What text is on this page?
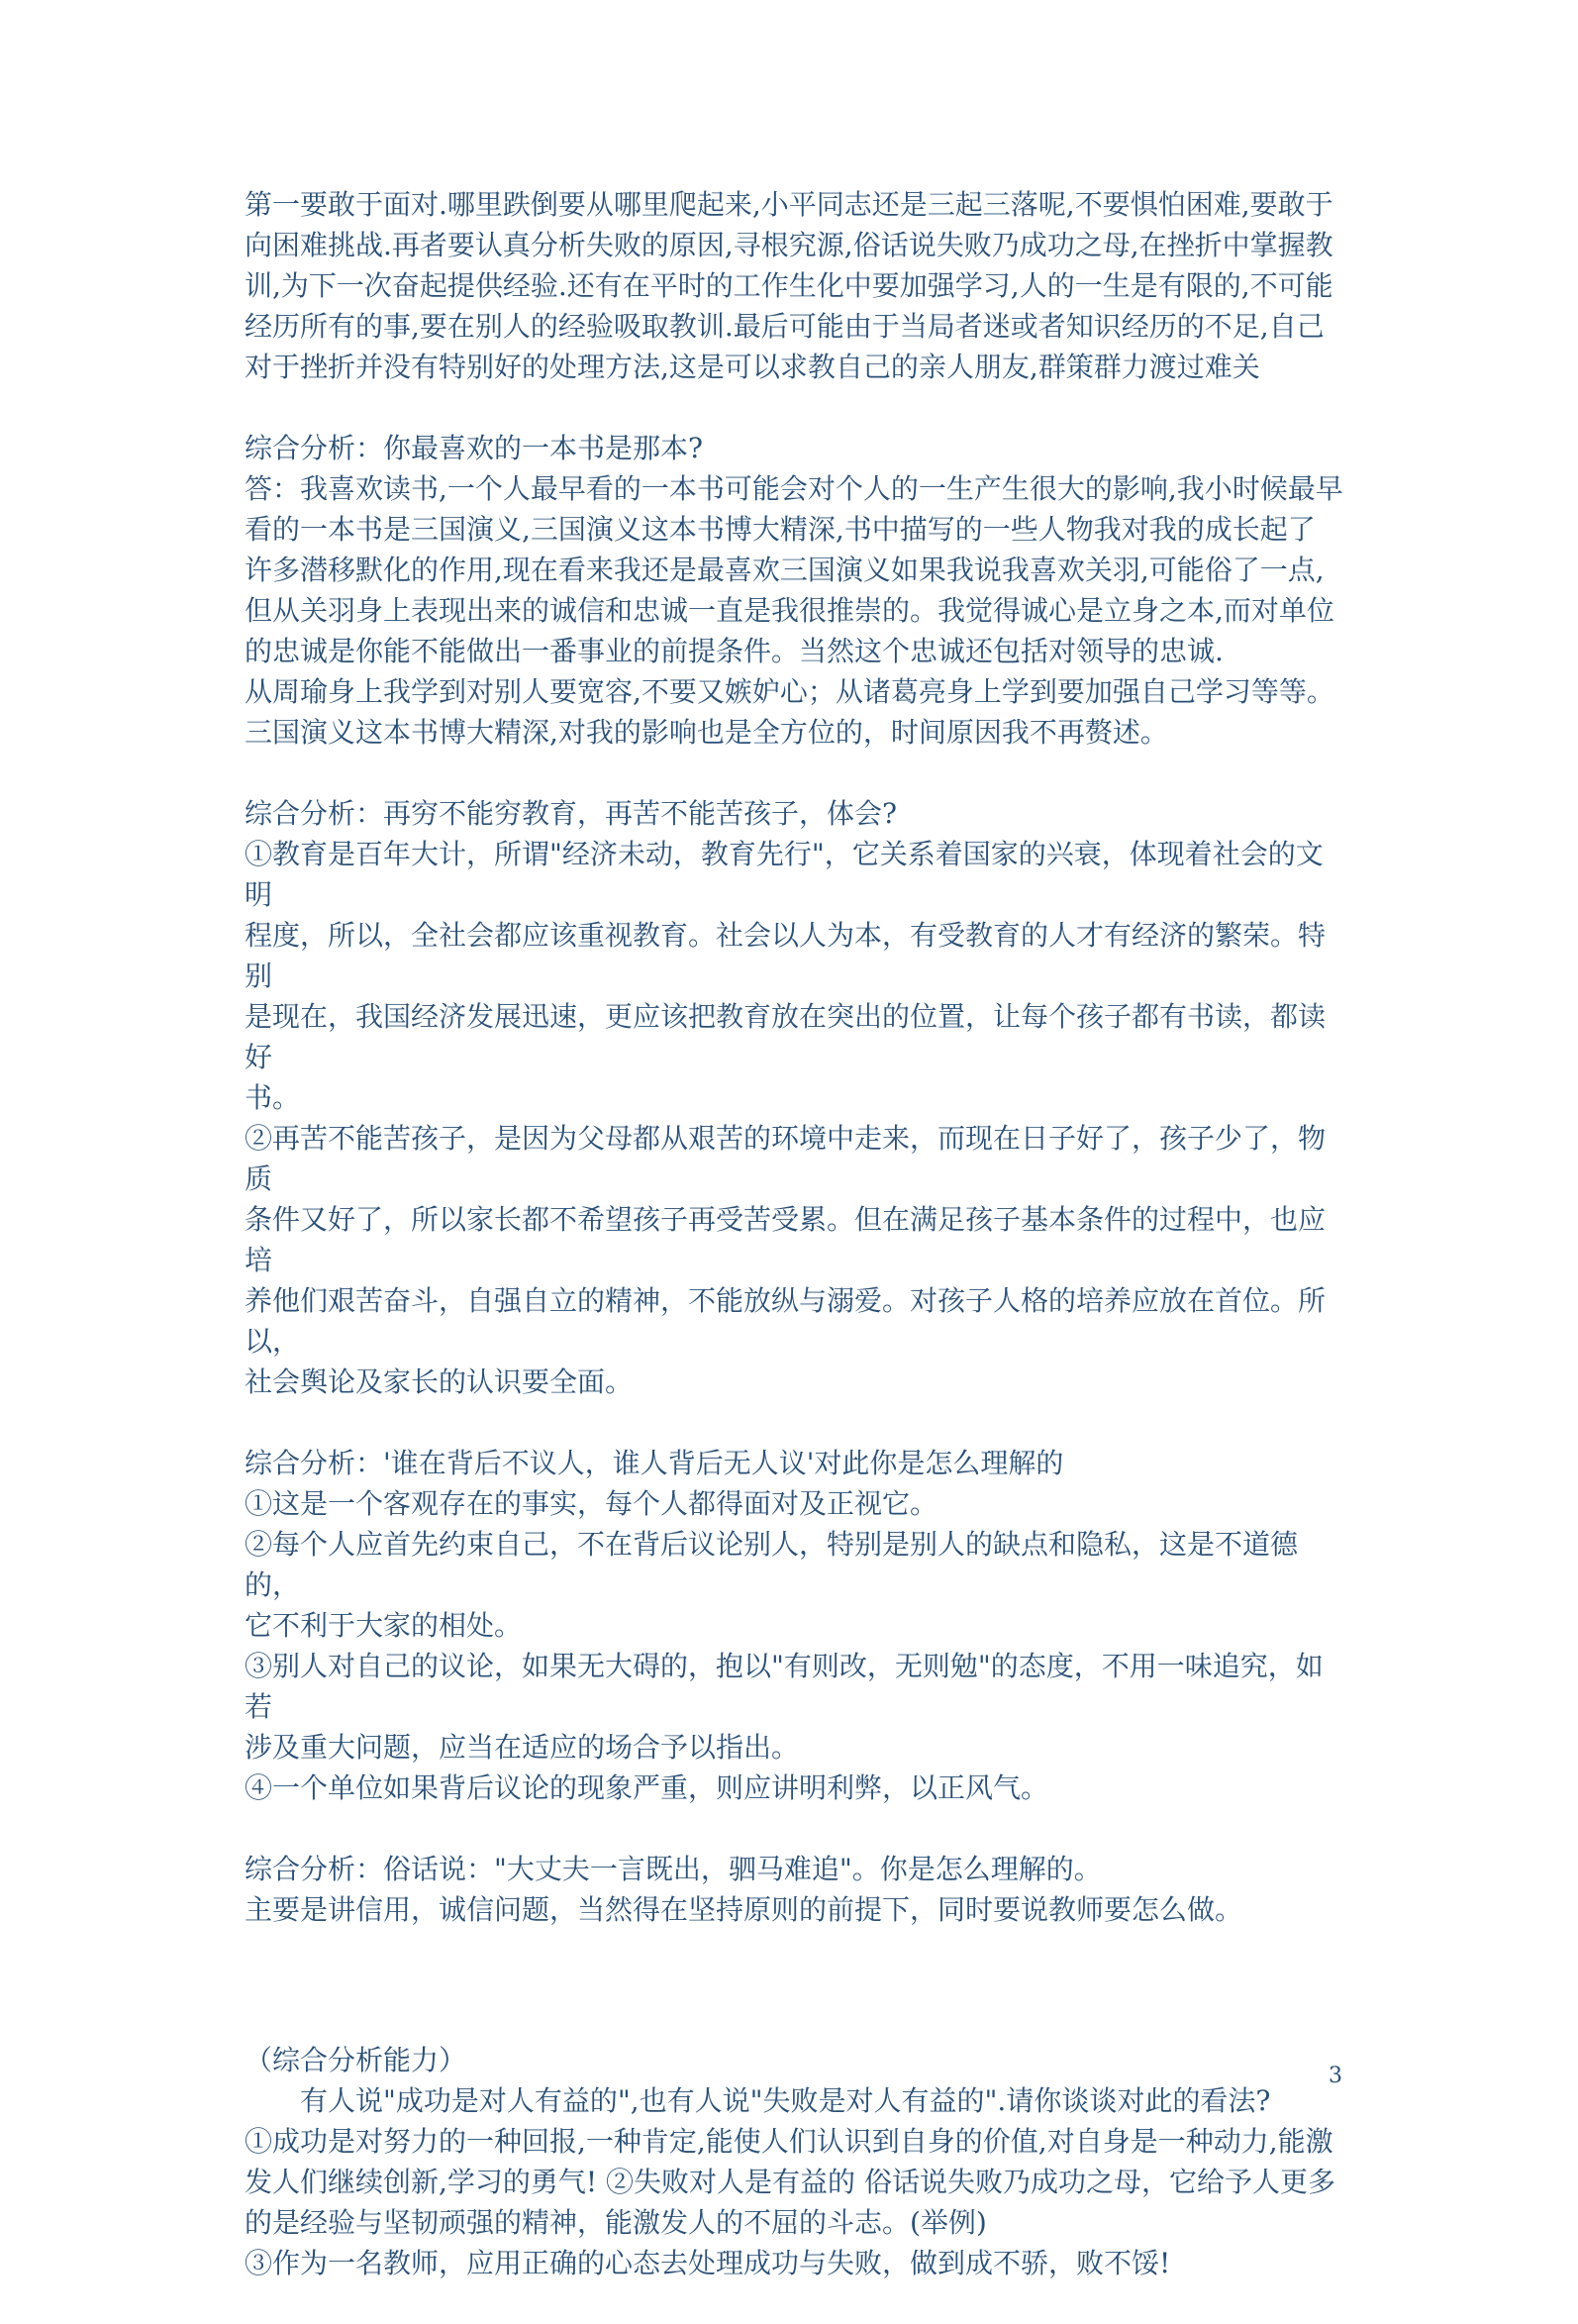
第一要敢于面对.哪里跌倒要从哪里爬起来,小平同志还是三起三落呢,不要惧怕困难,要敢于
向困难挑战.再者要认真分析失败的原因,寻根究源,俗话说失败乃成功之母,在挫折中掌握教
训,为下一次奋起提供经验.还有在平时的工作生化中要加强学习,人的一生是有限的,不可能
经历所有的事,要在别人的经验吸取教训.最后可能由于当局者迷或者知识经历的不足,自己
对于挫折并没有特别好的处理方法,这是可以求教自己的亲人朋友,群策群力渡过难关
综合分析：你最喜欢的一本书是那本?
答：我喜欢读书,一个人最早看的一本书可能会对个人的一生产生很大的影响,我小时候最早
看的一本书是三国演义,三国演义这本书博大精深,书中描写的一些人物我对我的成长起了
许多潜移默化的作用,现在看来我还是最喜欢三国演义如果我说我喜欢关羽,可能俗了一点,
但从关羽身上表现出来的诚信和忠诚一直是我很推崇的。我觉得诚心是立身之本,而对单位
的忠诚是你能不能做出一番事业的前提条件。当然这个忠诚还包括对领导的忠诚.
从周瑜身上我学到对别人要宽容,不要又嫉妒心；从诸葛亮身上学到要加强自己学习等等。
三国演义这本书博大精深,对我的影响也是全方位的，时间原因我不再赘述。
综合分析：再穷不能穷教育，再苦不能苦孩子，体会?
①教育是百年大计，所谓"经济未动，教育先行"，它关系着国家的兴衰，体现着社会的文明
程度，所以，全社会都应该重视教育。社会以人为本，有受教育的人才有经济的繁荣。特别
是现在，我国经济发展迅速，更应该把教育放在突出的位置，让每个孩子都有书读，都读好
书。
②再苦不能苦孩子，是因为父母都从艰苦的环境中走来，而现在日子好了，孩子少了，物质
条件又好了，所以家长都不希望孩子再受苦受累。但在满足孩子基本条件的过程中，也应培
养他们艰苦奋斗，自强自立的精神，不能放纵与溺爱。对孩子人格的培养应放在首位。所以，
社会舆论及家长的认识要全面。
综合分析：'谁在背后不议人，谁人背后无人议'对此你是怎么理解的
①这是一个客观存在的事实，每个人都得面对及正视它。
②每个人应首先约束自己，不在背后议论别人，特别是别人的缺点和隐私，这是不道德的，
它不利于大家的相处。
③别人对自己的议论，如果无大碍的，抱以"有则改，无则勉"的态度，不用一味追究，如若
涉及重大问题，应当在适应的场合予以指出。
④一个单位如果背后议论的现象严重，则应讲明利弊，以正风气。
综合分析：俗话说："大丈夫一言既出，驷马难追"。你是怎么理解的。
主要是讲信用，诚信问题，当然得在坚持原则的前提下，同时要说教师要怎么做。
（综合分析能力）
有人说"成功是对人有益的",也有人说"失败是对人有益的".请你谈谈对此的看法?
①成功是对努力的一种回报,一种肯定,能使人们认识到自身的价值,对自身是一种动力,能激
发人们继续创新,学习的勇气! ②失败对人是有益的 俗话说失败乃成功之母，它给予人更多
的是经验与坚韧顽强的精神，能激发人的不屈的斗志。(举例)
③作为一名教师，应用正确的心态去处理成功与失败，做到成不骄，败不馁!
3
